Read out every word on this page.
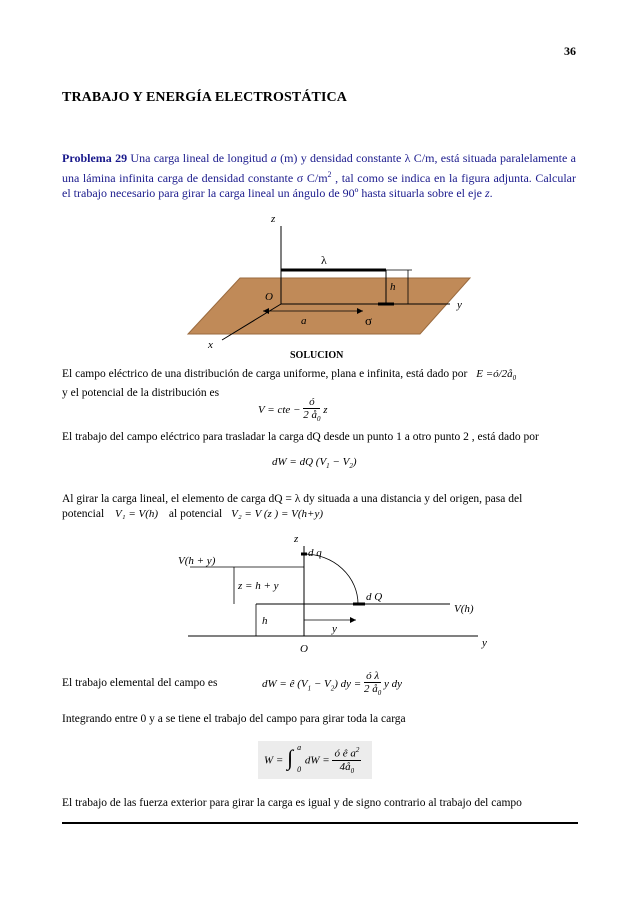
36
TRABAJO Y ENERGÍA ELECTROSTÁTICA
Problema 29 Una carga lineal de longitud a (m) y densidad constante λ C/m, está situada paralelamente a una lámina infinita carga de densidad constante σ $C/m^2$ , tal como se indica en la figura adjunta. Calcular el trabajo necesario para girar la carga lineal un ángulo de 90º hasta situarla sobre el eje z.
z
λ
h
O
y
a	σ
x
SOLUCION
El campo eléctrico de una distribución de carga uniforme, plana e infinita, está dado por $E =ó/2å_0$
y el potencial de la distribución es
V = cte − $\frac{ó}{2 å_0}$ z
El trabajo del campo eléctrico para trasladar la carga dQ desde un punto 1 a otro punto 2 , está dado por
dW = dQ $(V_1 - V_2)$
Al girar la carga lineal, el elemento de carga dQ = λ dy situada a una distancia y del origen, pasa del
potencial V₁ = V(h) al potencial V₂ = V (z ) = V(h+y)
z
d q
V(h + y)
z = h + y
d Q
V(h)
h
y
y
O
El trabajo elemental del campo es	dW = ê $(V_1 - V_2)$ dy = $\frac{\text{ó λ}}{2 å_0}$ y dy
Integrando entre 0 y a se tiene el trabajo del campo para girar toda la carga
W = ∫ a
0
dW = $\frac{ó ê a^2}{4å_0}$
El trabajo de las fuerza exterior para girar la carga es igual y de signo contrario al trabajo del campo
